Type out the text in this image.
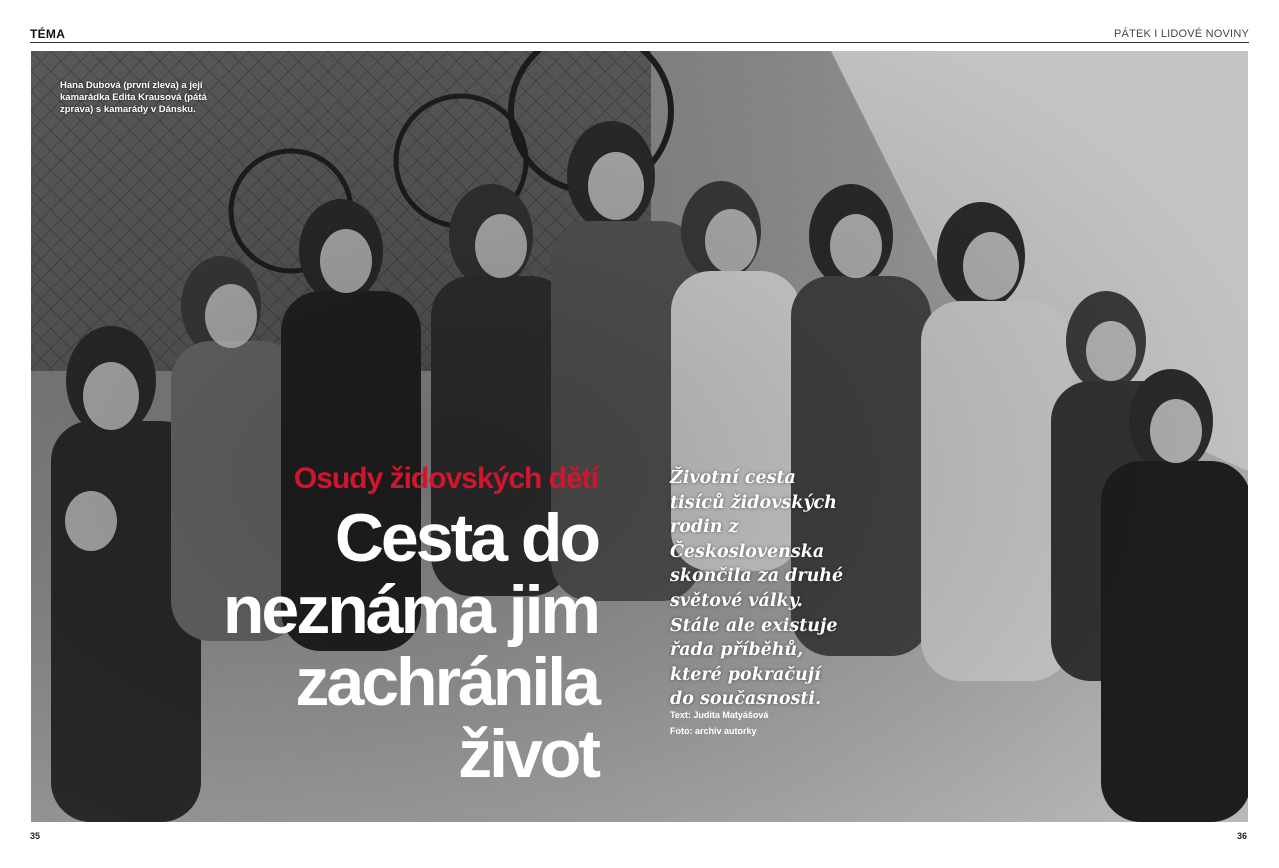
TÉMA	PÁTEK I LIDOVÉ NOVINY
Hana Dubová (první zleva) a její kamarádka Edita Krausová (pátá zprava) s kamarády v Dánsku.
Osudy židovských dětí
Cesta do
neznáma jim
zachránila
život
Životní cesta tisíců židovských rodin z Československa skončila za druhé světové války. Stále ale existuje řada příběhů, které pokračují do současnosti.
Text: Judita Matyášová
Foto: archiv autorky
35	36
